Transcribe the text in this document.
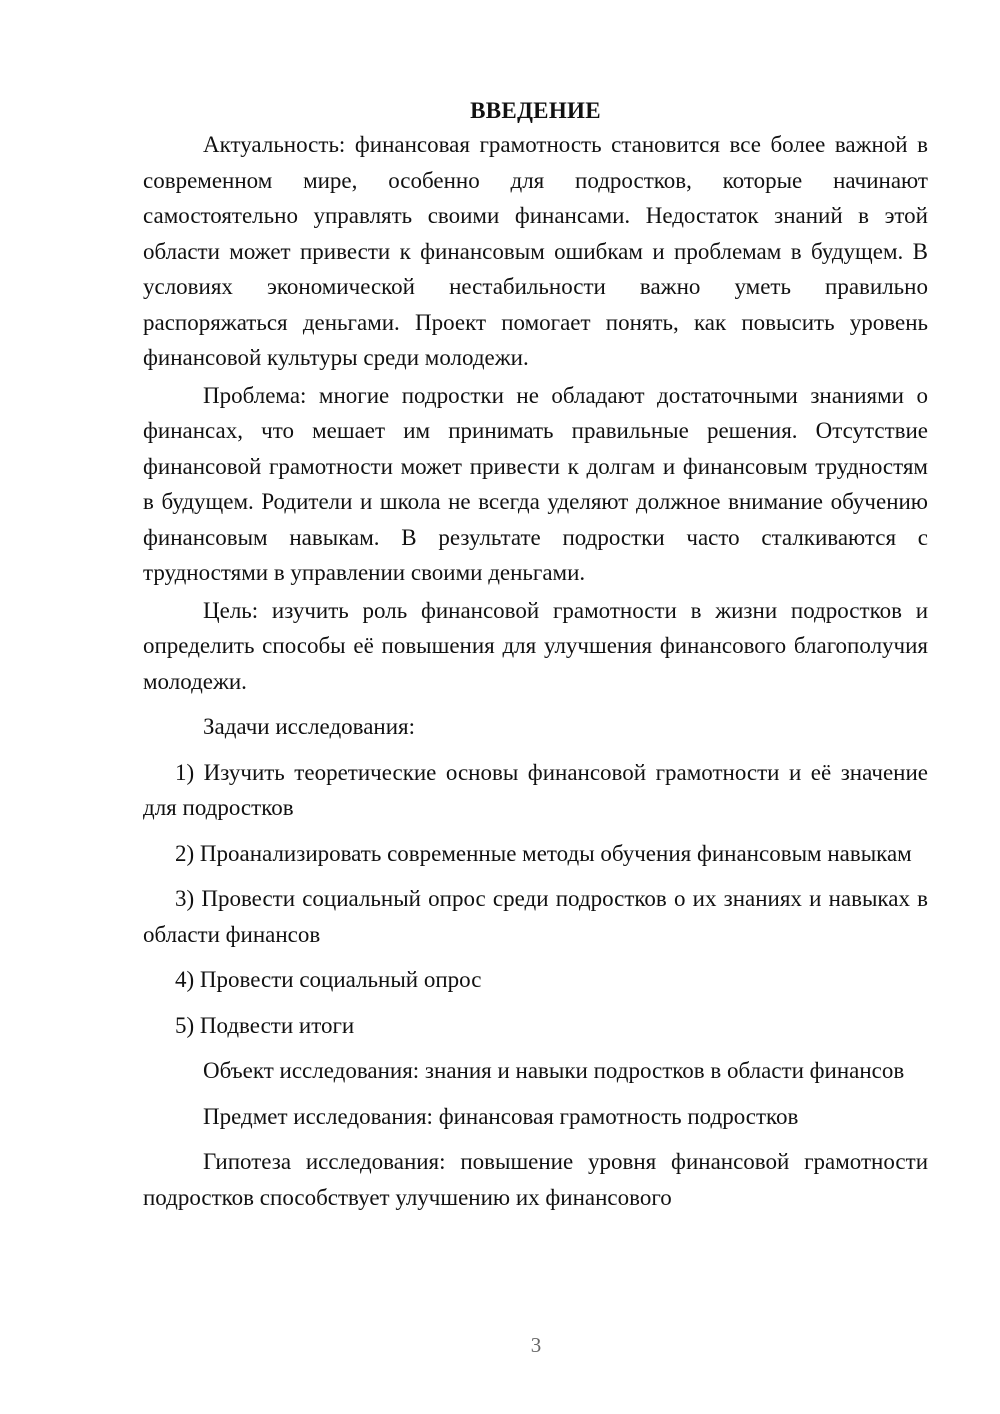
ВВЕДЕНИЕ

Актуальность: финансовая грамотность становится все более важной в современном мире, особенно для подростков, которые начинают самостоятельно управлять своими финансами. Недостаток знаний в этой области может привести к финансовым ошибкам и проблемам в будущем. В условиях экономической нестабильности важно уметь правильно распоряжаться деньгами. Проект помогает понять, как повысить уровень финансовой культуры среди молодежи.

Проблема: многие подростки не обладают достаточными знаниями о финансах, что мешает им принимать правильные решения. Отсутствие финансовой грамотности может привести к долгам и финансовым трудностям в будущем. Родители и школа не всегда уделяют должное внимание обучению финансовым навыкам. В результате подростки часто сталкиваются с трудностями в управлении своими деньгами.

Цель: изучить роль финансовой грамотности в жизни подростков и определить способы её повышения для улучшения финансового благополучия молодежи.

Задачи исследования:

1) Изучить теоретические основы финансовой грамотности и её значение для подростков

2) Проанализировать современные методы обучения финансовым навыкам

3) Провести социальный опрос среди подростков о их знаниях и навыках в области финансов

4) Провести социальный опрос

5) Подвести итоги

Объект исследования: знания и навыки подростков в области финансов

Предмет исследования: финансовая грамотность подростков

Гипотеза исследования: повышение уровня финансовой грамотности подростков способствует улучшению их финансового

3
